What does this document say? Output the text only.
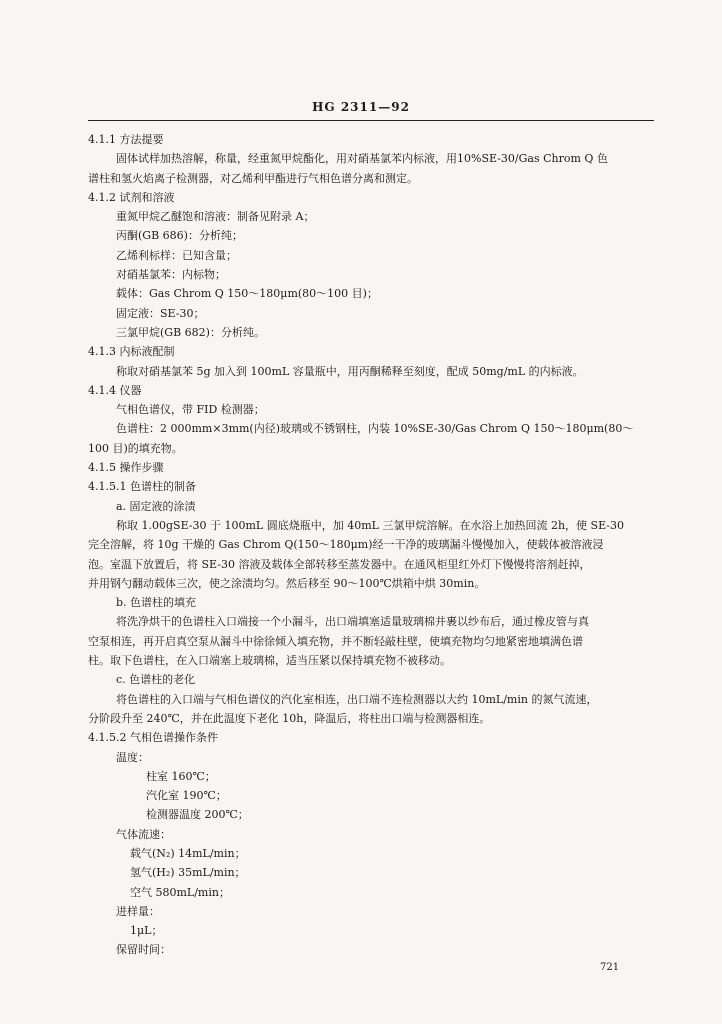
HG 2311—92
4.1.1 方法提要
固体试样加热溶解，称量，经重氮甲烷酯化，用对硝基氯苯内标液，用10%SE-30/Gas Chrom Q 色
谱柱和氢火焰离子检测器，对乙烯利甲酯进行气相色谱分离和测定。
4.1.2 试剂和溶液
重氮甲烷乙醚饱和溶液：制备见附录 A；
丙酮(GB 686)：分析纯；
乙烯利标样：已知含量；
对硝基氯苯：内标物；
载体：Gas Chrom Q 150～180μm(80～100 目)；
固定液：SE-30；
三氯甲烷(GB 682)：分析纯。
4.1.3 内标液配制
称取对硝基氯苯 5g 加入到 100mL 容量瓶中，用丙酮稀释至刻度，配成 50mg/mL 的内标液。
4.1.4 仪器
气相色谱仪，带 FID 检测器；
色谱柱：2 000mm×3mm(内径)玻璃或不锈钢柱，内装 10%SE-30/Gas Chrom Q 150～180μm(80～
100 目)的填充物。
4.1.5 操作步骤
4.1.5.1 色谱柱的制备
a. 固定液的涂渍
称取 1.00gSE-30 于 100mL 圆底烧瓶中，加 40mL 三氯甲烷溶解。在水浴上加热回流 2h，使 SE-30
完全溶解，将 10g 干燥的 Gas Chrom Q(150～180μm)经一干净的玻璃漏斗慢慢加入，使载体被溶液浸
泡。室温下放置后，将 SE-30 溶液及载体全部转移至蒸发器中。在通风柜里红外灯下慢慢将溶剂赶掉，
并用钢勺翻动载体三次，使之涂渍均匀。然后移至 90～100℃烘箱中烘 30min。
b. 色谱柱的填充
将洗净烘干的色谱柱入口端接一个小漏斗，出口端填塞适量玻璃棉并裹以纱布后，通过橡皮管与真
空泵相连，再开启真空泵从漏斗中徐徐倾入填充物，并不断轻敲柱壁，使填充物均匀地紧密地填满色谱
柱。取下色谱柱，在入口端塞上玻璃棉，适当压紧以保持填充物不被移动。
c. 色谱柱的老化
将色谱柱的入口端与气相色谱仪的汽化室相连，出口端不连检测器以大约 10mL/min 的氮气流速，
分阶段升至 240℃，并在此温度下老化 10h，降温后，将柱出口端与检测器相连。
4.1.5.2 气相色谱操作条件
温度：
柱室 160℃；
汽化室 190℃；
检测器温度 200℃；
气体流速：
载气(N₂) 14mL/min；
氢气(H₂) 35mL/min；
空气 580mL/min；
进样量：
1μL；
保留时间：
721
